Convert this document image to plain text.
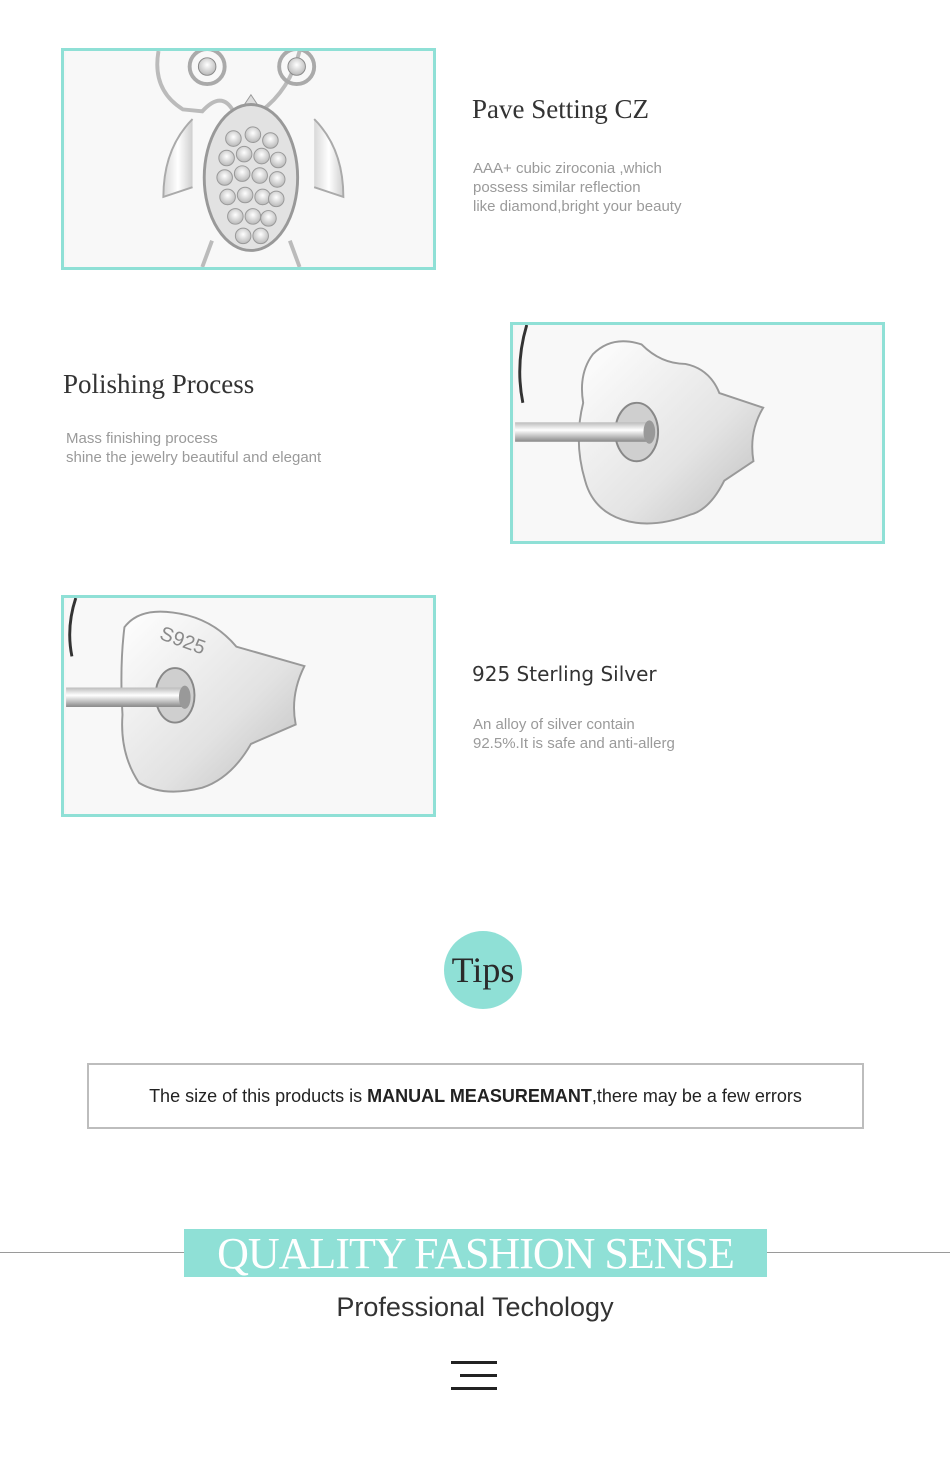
Pave Setting CZ
AAA+ cubic ziroconia ,which
possess similar reflection
like diamond,bright your beauty
Polishing Process
Mass finishing process
shine the jewelry beautiful and elegant
S925
925 Sterling Silver
An alloy of silver contain
92.5%.It is safe and anti-allerg
Tips
The size of this products is MANUAL MEASUREMANT ,there may be a few errors
QUALITY FASHION SENSE
Professional Techology
